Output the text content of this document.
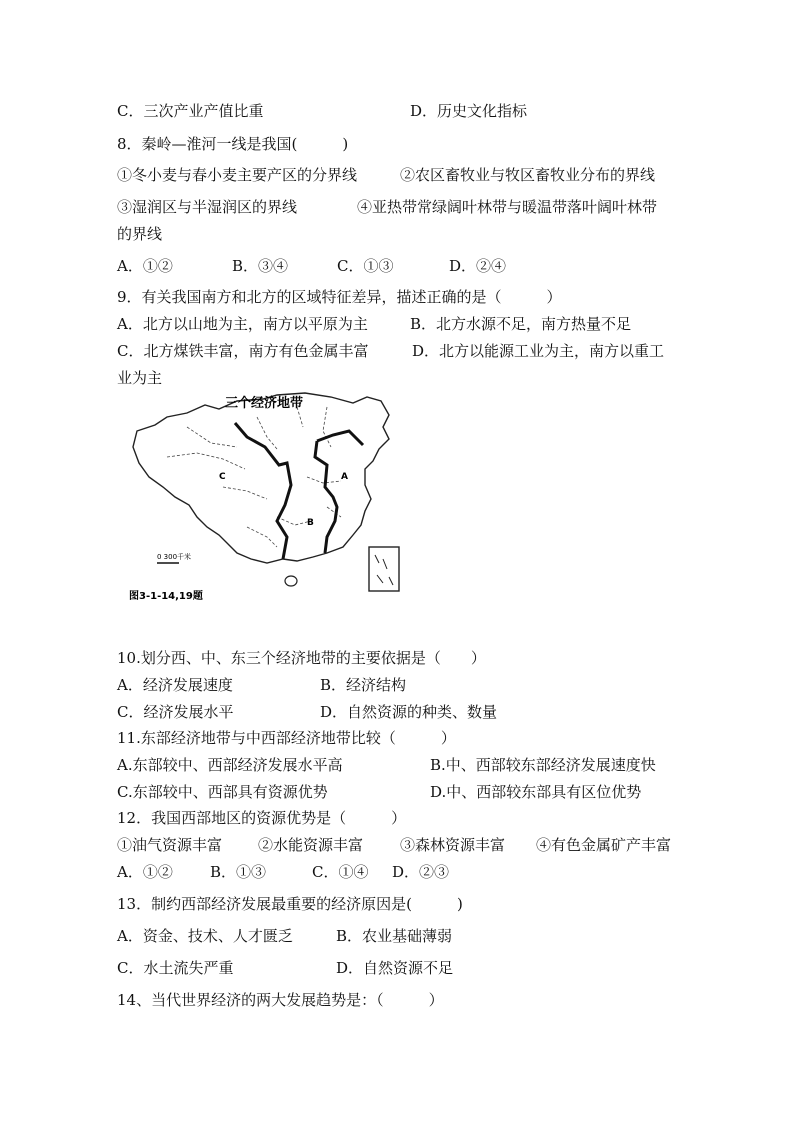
C．三次产业产值比重	D．历史文化指标
8．秦岭—淮河一线是我国(　　　)
①冬小麦与春小麦主要产区的分界线	②农区畜牧业与牧区畜牧业分布的界线
③湿润区与半湿润区的界线	④亚热带常绿阔叶林带与暖温带落叶阔叶林带
的界线
A．①②	B．③④	C．①③	D．②④
9．有关我国南方和北方的区域特征差异，描述正确的是（　　　）
A．北方以山地为主，南方以平原为主	B．北方水源不足，南方热量不足
C．北方煤铁丰富，南方有色金属丰富	D．北方以能源工业为主，南方以重工
业为主
三个经济地带
A
B
C
0 300千米
图3-1-14,19题
10.划分西、中、东三个经济地带的主要依据是（　　）
A．经济发展速度	B．经济结构
C．经济发展水平	D．自然资源的种类、数量
11.东部经济地带与中西部经济地带比较（　　　）
A.东部较中、西部经济发展水平高	B.中、西部较东部经济发展速度快
C.东部较中、西部具有资源优势	D.中、西部较东部具有区位优势
12．我国西部地区的资源优势是（　　　）
①油气资源丰富 ②水能资源丰富 ③森林资源丰富 ④有色金属矿产丰富
A．①② B．①③	C．①④ D．②③
13．制约西部经济发展最重要的经济原因是(　　　)
A．资金、技术、人才匮乏	B．农业基础薄弱
C．水土流失严重	D．自然资源不足
14、当代世界经济的两大发展趋势是：（　　　）
